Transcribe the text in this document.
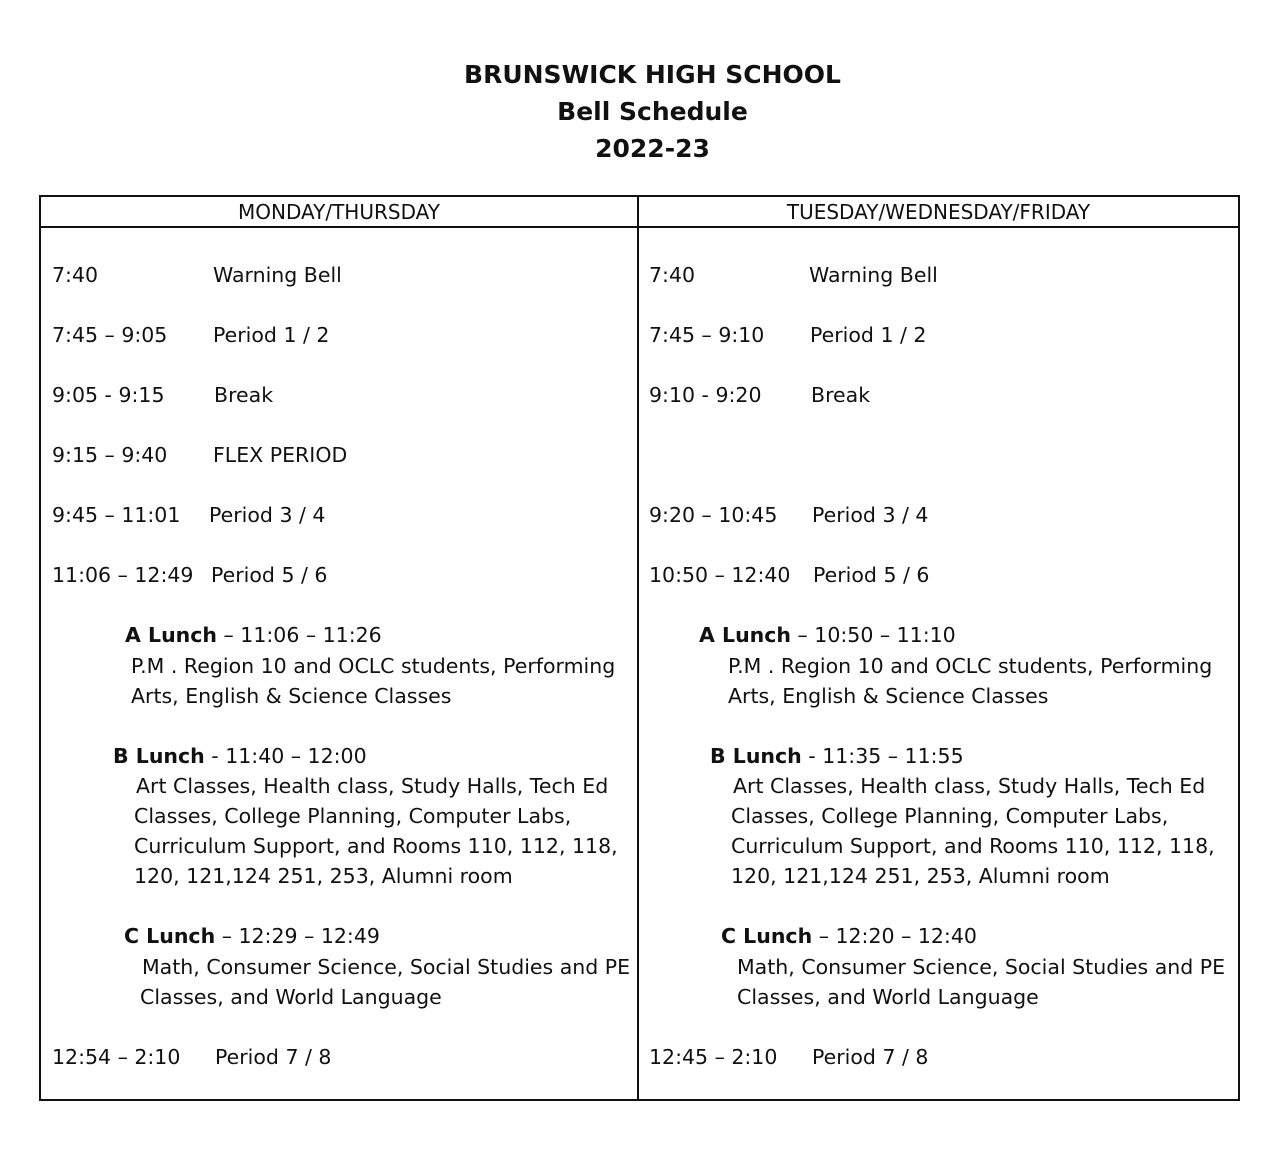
BRUNSWICK HIGH SCHOOL
Bell Schedule
2022-23
MONDAY/THURSDAY	TUESDAY/WEDNESDAY/FRIDAY
7:40	Warning Bell
7:45 – 9:05 Period 1 / 2
9:05 - 9:15 Break
9:15 – 9:40 FLEX PERIOD
9:45 – 11:01 Period 3 / 4
11:06 – 12:49 Period 5 / 6
A Lunch – 11:06 – 11:26
P.M . Region 10 and OCLC students, Performing
Arts, English & Science Classes
B Lunch - 11:40 – 12:00
Art Classes, Health class, Study Halls, Tech Ed
Classes, College Planning, Computer Labs,
Curriculum Support, and Rooms 110, 112, 118,
120, 121,124 251, 253, Alumni room
C Lunch – 12:29 – 12:49
Math, Consumer Science, Social Studies and PE
Classes, and World Language
12:54 – 2:10 Period 7 / 8
7:40	Warning Bell
7:45 – 9:10 Period 1 / 2
9:10 - 9:20 Break
9:20 – 10:45 Period 3 / 4
10:50 – 12:40 Period 5 / 6
A Lunch – 10:50 – 11:10
P.M . Region 10 and OCLC students, Performing
Arts, English & Science Classes
B Lunch - 11:35 – 11:55
Art Classes, Health class, Study Halls, Tech Ed
Classes, College Planning, Computer Labs,
Curriculum Support, and Rooms 110, 112, 118,
120, 121,124 251, 253, Alumni room
C Lunch – 12:20 – 12:40
Math, Consumer Science, Social Studies and PE
Classes, and World Language
12:45 – 2:10 Period 7 / 8
